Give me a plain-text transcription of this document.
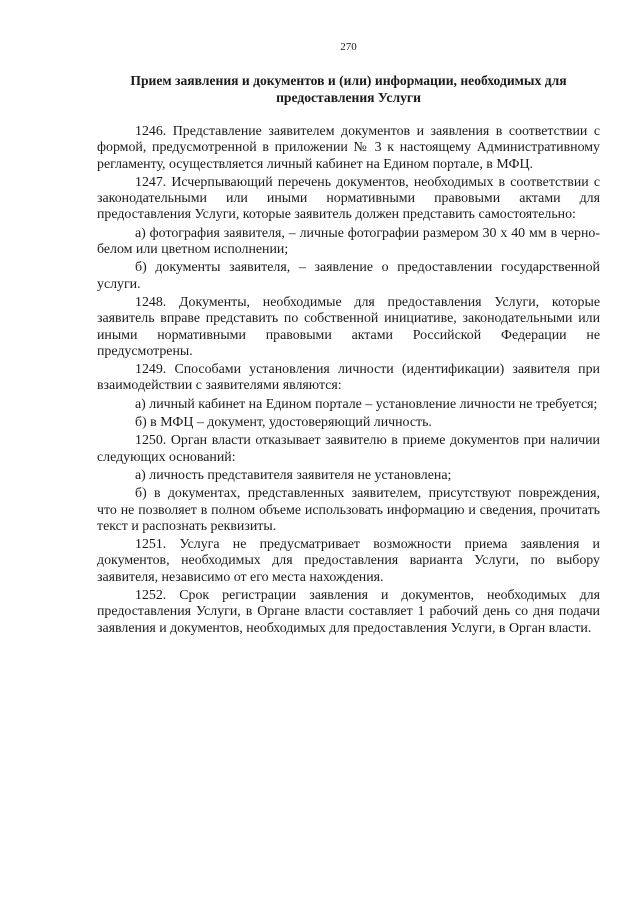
270
Прием заявления и документов и (или) информации, необходимых для предоставления Услуги

1246. Представление заявителем документов и заявления в соответствии с формой, предусмотренной в приложении № 3 к настоящему Административному регламенту, осуществляется личный кабинет на Едином портале, в МФЦ.

1247. Исчерпывающий перечень документов, необходимых в соответствии с законодательными или иными нормативными правовыми актами для предоставления Услуги, которые заявитель должен представить самостоятельно:

а) фотография заявителя, – личные фотографии размером 30 х 40 мм в черно-белом или цветном исполнении;

б) документы заявителя, – заявление о предоставлении государственной услуги.

1248. Документы, необходимые для предоставления Услуги, которые заявитель вправе представить по собственной инициативе, законодательными или иными нормативными правовыми актами Российской Федерации не предусмотрены.

1249. Способами установления личности (идентификации) заявителя при взаимодействии с заявителями являются:

а) личный кабинет на Едином портале – установление личности не требуется;

б) в МФЦ – документ, удостоверяющий личность.

1250. Орган власти отказывает заявителю в приеме документов при наличии следующих оснований:

а) личность представителя заявителя не установлена;

б) в документах, представленных заявителем, присутствуют повреждения, что не позволяет в полном объеме использовать информацию и сведения, прочитать текст и распознать реквизиты.

1251. Услуга не предусматривает возможности приема заявления и документов, необходимых для предоставления варианта Услуги, по выбору заявителя, независимо от его места нахождения.

1252. Срок регистрации заявления и документов, необходимых для предоставления Услуги, в Органе власти составляет 1 рабочий день со дня подачи заявления и документов, необходимых для предоставления Услуги, в Орган власти.
